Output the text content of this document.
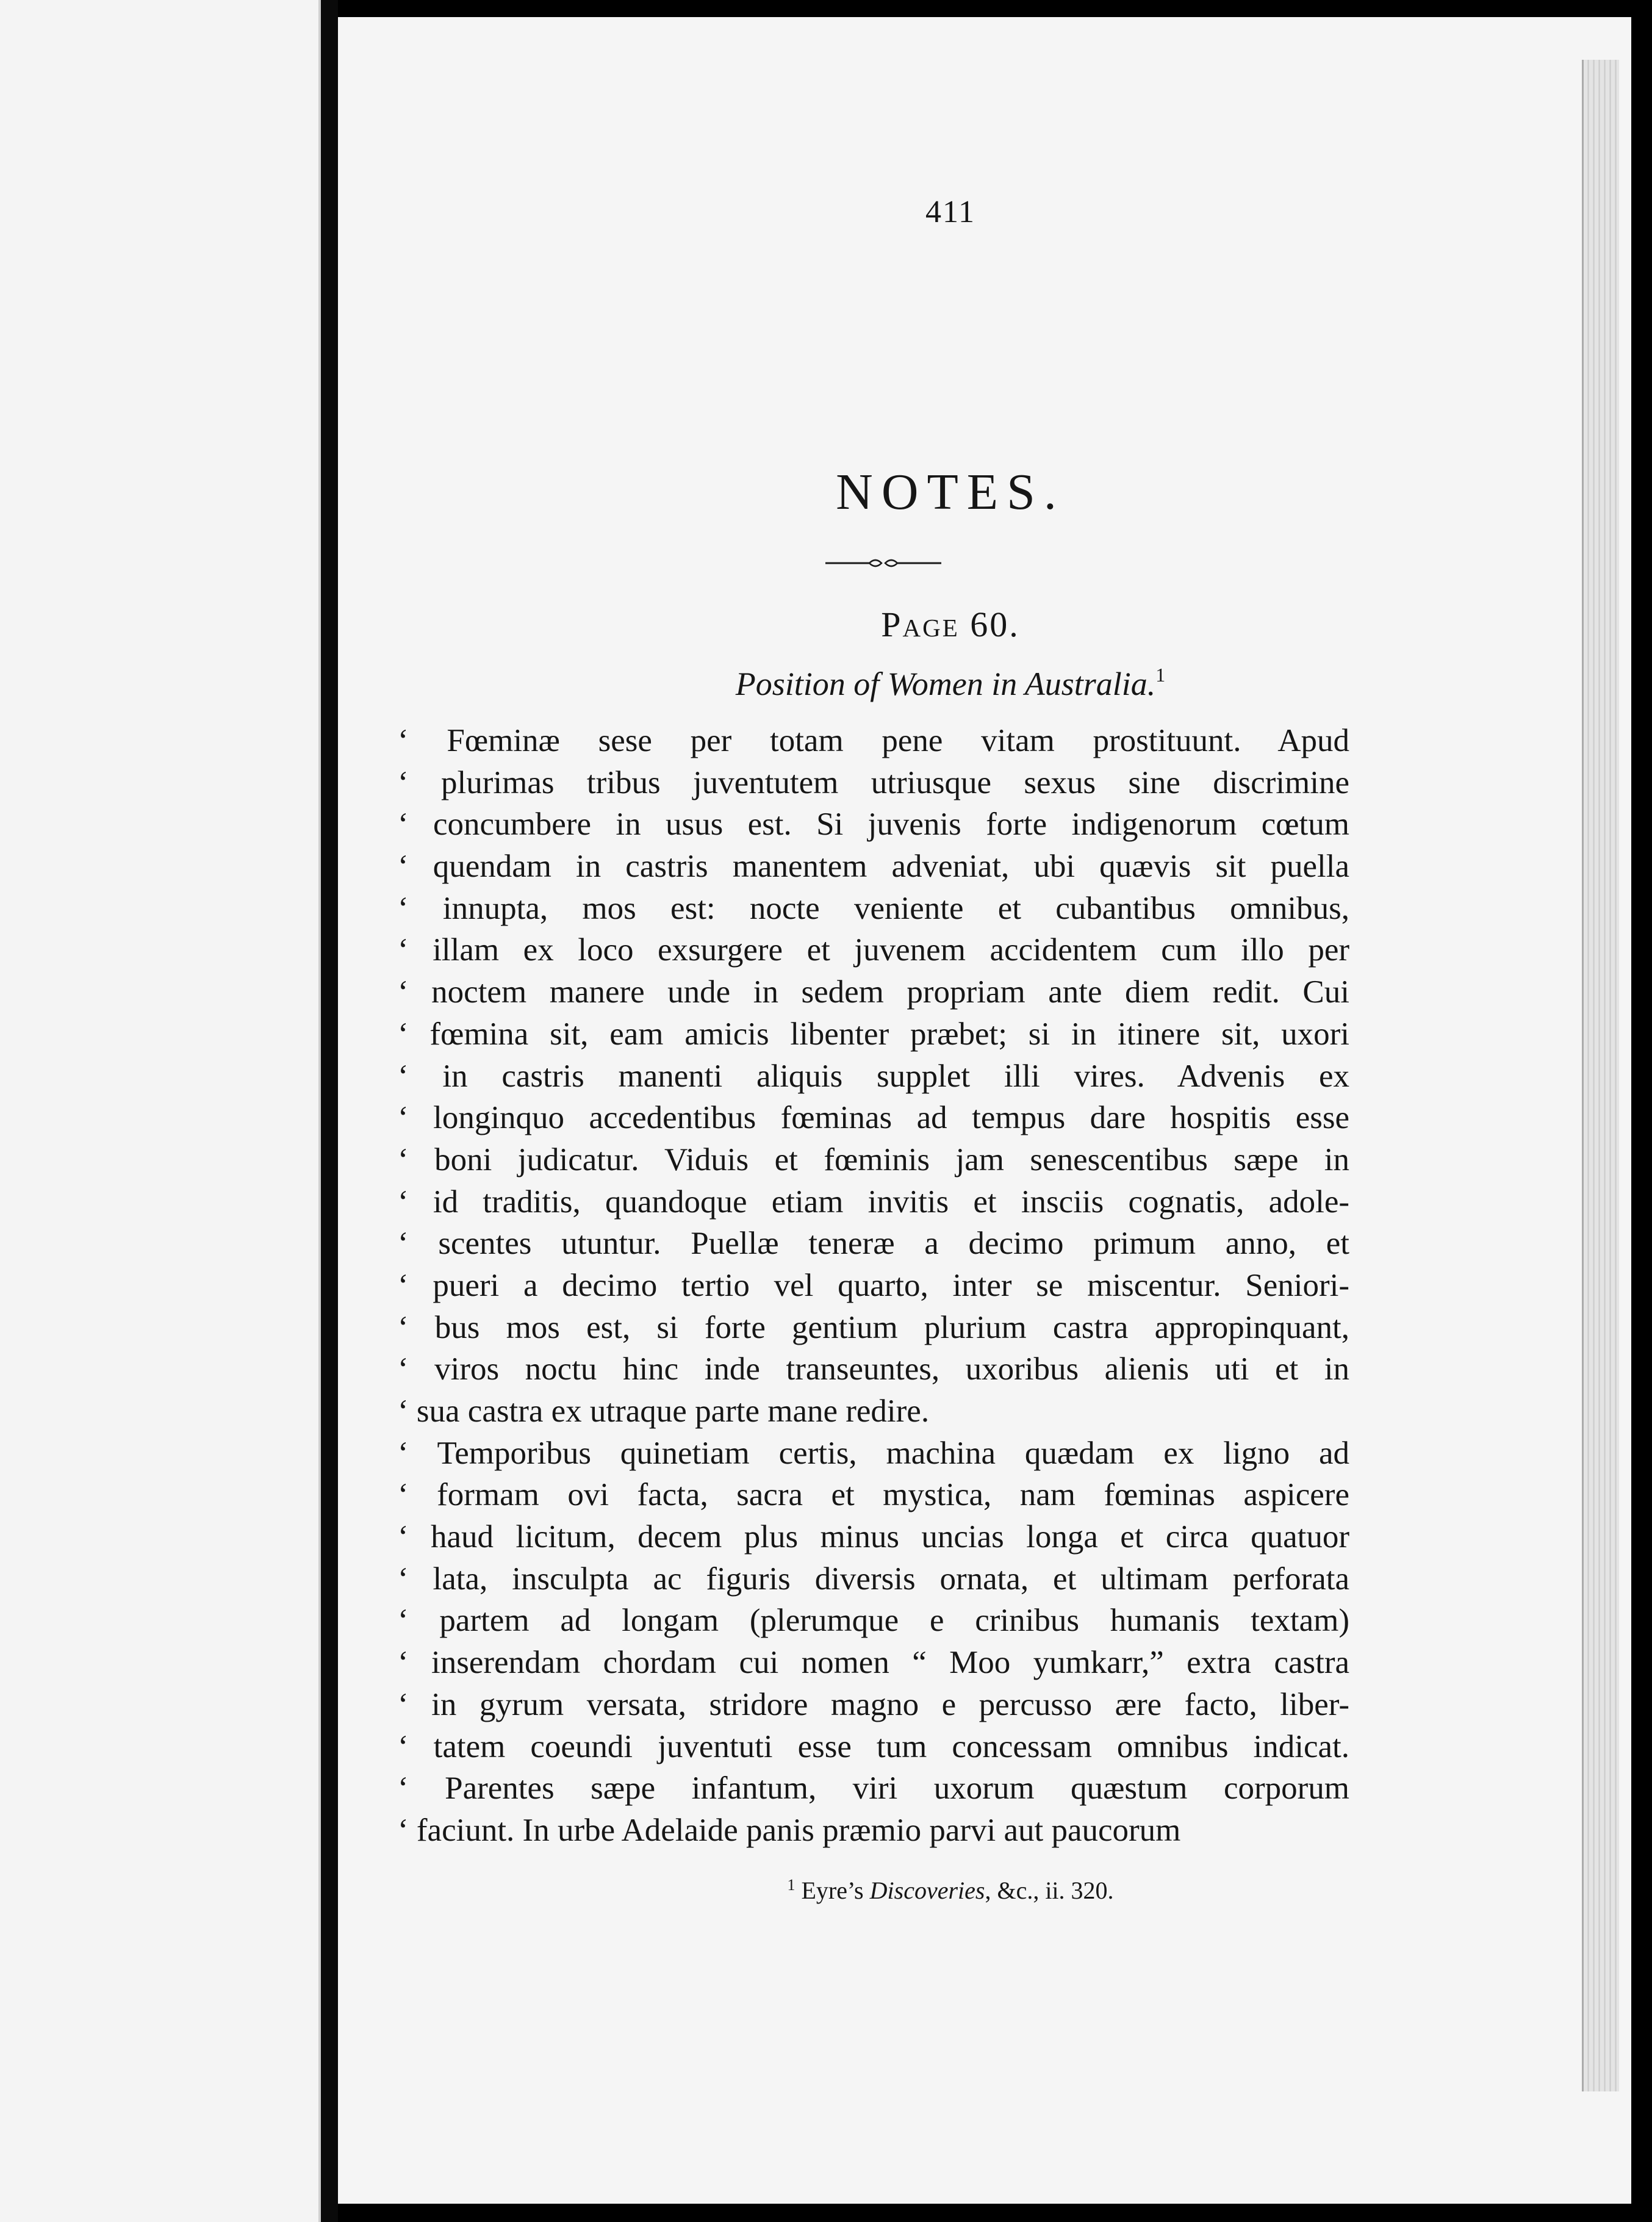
411
NOTES.
Page 60.
Position of Women in Australia.$^1$
‘ Fœminæ sese per totam pene vitam prostituunt. Apud
‘ plurimas tribus juventutem utriusque sexus sine discrimine
‘ concumbere in usus est. Si juvenis forte indigenorum cœtum
‘ quendam in castris manentem adveniat, ubi quævis sit puella
‘ innupta, mos est: nocte veniente et cubantibus omnibus,
‘ illam ex loco exsurgere et juvenem accidentem cum illo per
‘ noctem manere unde in sedem propriam ante diem redit. Cui
‘ fœmina sit, eam amicis libenter præbet; si in itinere sit, uxori
‘ in castris manenti aliquis supplet illi vires. Advenis ex
‘ longinquo accedentibus fœminas ad tempus dare hospitis esse
‘ boni judicatur. Viduis et fœminis jam senescentibus sæpe in
‘ id traditis, quandoque etiam invitis et insciis cognatis, adole-
‘ scentes utuntur. Puellæ teneræ a decimo primum anno, et
‘ pueri a decimo tertio vel quarto, inter se miscentur. Seniori-
‘ bus mos est, si forte gentium plurium castra appropinquant,
‘ viros noctu hinc inde transeuntes, uxoribus alienis uti et in
‘ sua castra ex utraque parte mane redire.
‘ Temporibus quinetiam certis, machina quædam ex ligno ad
‘ formam ovi facta, sacra et mystica, nam fœminas aspicere
‘ haud licitum, decem plus minus uncias longa et circa quatuor
‘ lata, insculpta ac figuris diversis ornata, et ultimam perforata
‘ partem ad longam (plerumque e crinibus humanis textam)
‘ inserendam chordam cui nomen “ Moo yumkarr,” extra castra
‘ in gyrum versata, stridore magno e percusso ære facto, liber-
‘ tatem coeundi juventuti esse tum concessam omnibus indicat.
‘ Parentes sæpe infantum, viri uxorum quæstum corporum
‘ faciunt. In urbe Adelaide panis præmio parvi aut paucorum
$^1$ Eyre’s Discoveries, &c., ii. 320.
